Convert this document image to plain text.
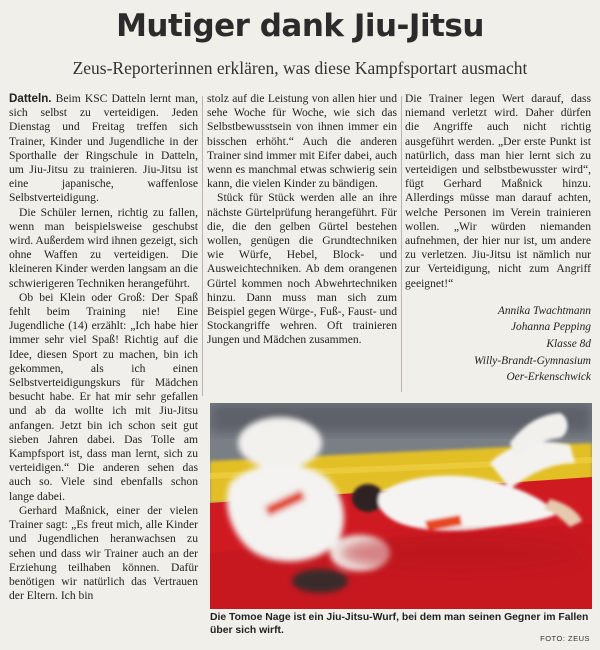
Mutiger dank Jiu-Jitsu
Zeus-Reporterinnen erklären, was diese Kampfsportart ausmacht

Datteln. Beim KSC Datteln lernt man, sich selbst zu verteidigen. Jeden Dienstag und Freitag treffen sich Trainer, Kinder und Jugendliche in der Sporthalle der Ringschule in Datteln, um Jiu-Jitsu zu trainieren. Jiu-Jitsu ist eine japanische, waffenlose Selbstverteidigung.

Die Schüler lernen, richtig zu fallen, wenn man beispielsweise geschubst wird. Außerdem wird ihnen gezeigt, sich ohne Waffen zu verteidigen. Die kleineren Kinder werden langsam an die schwierigeren Techniken herangeführt.

Ob bei Klein oder Groß: Der Spaß fehlt beim Training nie! Eine Jugendliche (14) erzählt: „Ich habe hier immer sehr viel Spaß! Richtig auf die Idee, diesen Sport zu machen, bin ich gekommen, als ich einen Selbstverteidigungskurs für Mädchen besucht habe. Er hat mir sehr gefallen und ab da wollte ich mit Jiu-Jitsu anfangen. Jetzt bin ich schon seit gut sieben Jahren dabei. Das Tolle am Kampfsport ist, dass man lernt, sich zu verteidigen.“ Die anderen sehen das auch so. Viele sind ebenfalls schon lange dabei.

Gerhard Maßnick, einer der vielen Trainer sagt: „Es freut mich, alle Kinder und Jugendlichen heranwachsen zu sehen und dass wir Trainer auch an der Erziehung teilhaben können. Dafür benötigen wir natürlich das Vertrauen der Eltern. Ich bin

stolz auf die Leistung von allen hier und sehe Woche für Woche, wie sich das Selbstbewusstsein von ihnen immer ein bisschen erhöht.“ Auch die anderen Trainer sind immer mit Eifer dabei, auch wenn es manchmal etwas schwierig sein kann, die vielen Kinder zu bändigen.

Stück für Stück werden alle an ihre nächste Gürtelprüfung herangeführt. Für die, die den gelben Gürtel bestehen wollen, genügen die Grundtechniken wie Würfe, Hebel, Block- und Ausweichtechniken. Ab dem orangenen Gürtel kommen noch Abwehrtechniken hinzu. Dann muss man sich zum Beispiel gegen Würge-, Fuß-, Faust- und Stockangriffe wehren. Oft trainieren Jungen und Mädchen zusammen.

Die Trainer legen Wert darauf, dass niemand verletzt wird. Daher dürfen die Angriffe auch nicht richtig ausgeführt werden. „Der erste Punkt ist natürlich, dass man hier lernt sich zu verteidigen und selbstbewusster wird“, fügt Gerhard Maßnick hinzu. Allerdings müsse man darauf achten, welche Personen im Verein trainieren wollen. „Wir würden niemanden aufnehmen, der hier nur ist, um andere zu verletzen. Jiu-Jitsu ist nämlich nur zur Verteidigung, nicht zum Angriff geeignet!“

Annika Twachtmann
Johanna Pepping
Klasse 8d
Willy-Brandt-Gymnasium
Oer-Erkenschwick
Die Tomoe Nage ist ein Jiu-Jitsu-Wurf, bei dem man seinen Gegner im Fallen über sich wirft.
FOTO: ZEUS
